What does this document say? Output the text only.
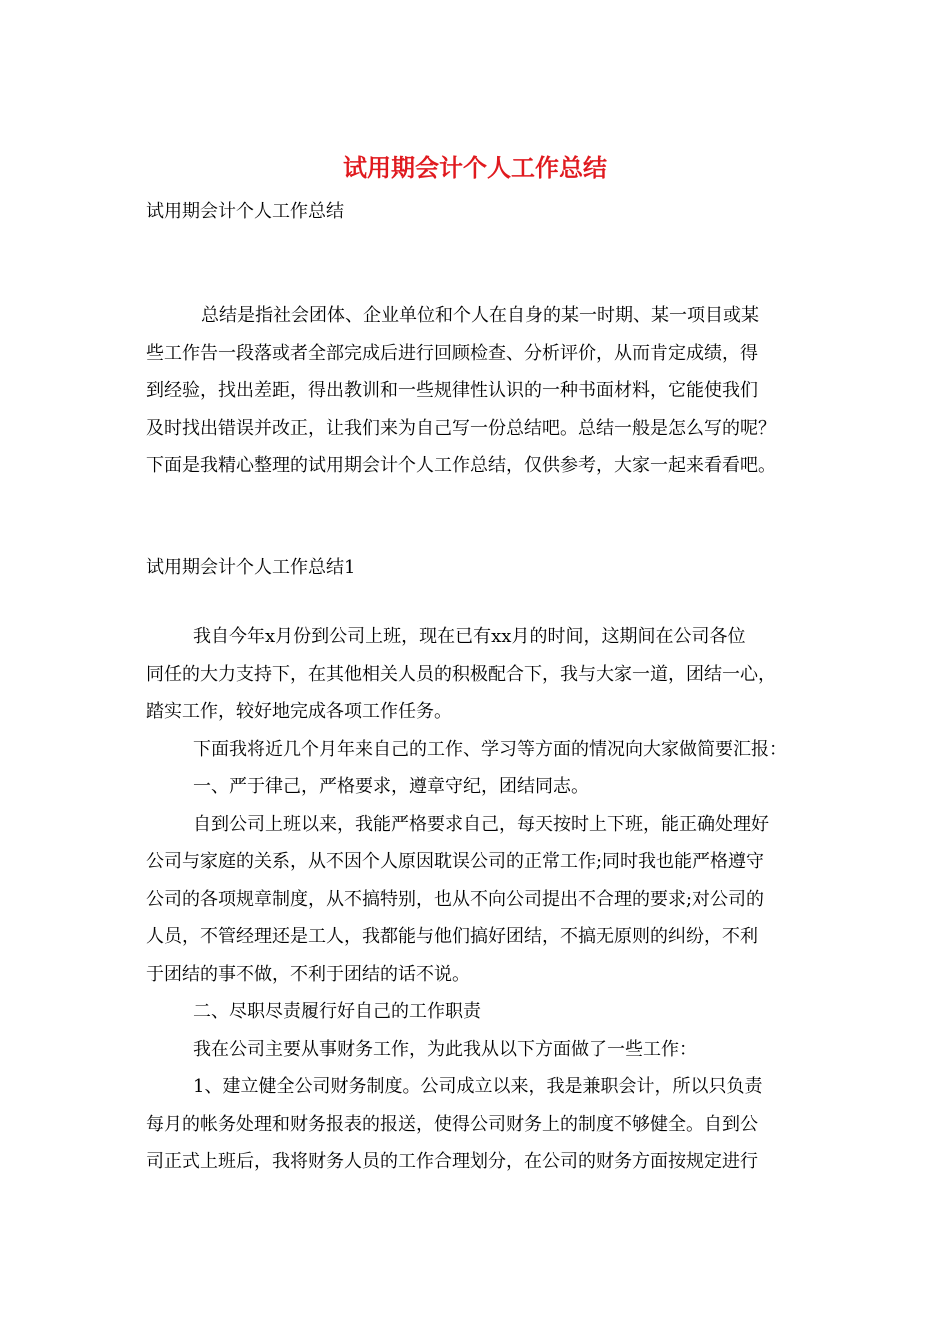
试用期会计个人工作总结
试用期会计个人工作总结
总结是指社会团体、企业单位和个人在自身的某一时期、某一项目或某
些工作告一段落或者全部完成后进行回顾检查、分析评价，从而肯定成绩，得
到经验，找出差距，得出教训和一些规律性认识的一种书面材料，它能使我们
及时找出错误并改正，让我们来为自己写一份总结吧。总结一般是怎么写的呢？
下面是我精心整理的试用期会计个人工作总结，仅供参考，大家一起来看看吧。
试用期会计个人工作总结1
我自今年x月份到公司上班，现在已有xx月的时间，这期间在公司各位
同任的大力支持下，在其他相关人员的积极配合下，我与大家一道，团结一心，
踏实工作，较好地完成各项工作任务。
下面我将近几个月年来自己的工作、学习等方面的情况向大家做简要汇报：
一、严于律己，严格要求，遵章守纪，团结同志。
自到公司上班以来，我能严格要求自己，每天按时上下班，能正确处理好
公司与家庭的关系，从不因个人原因耽误公司的正常工作;同时我也能严格遵守
公司的各项规章制度，从不搞特别，也从不向公司提出不合理的要求;对公司的
人员，不管经理还是工人，我都能与他们搞好团结，不搞无原则的纠纷，不利
于团结的事不做，不利于团结的话不说。
二、尽职尽责履行好自己的工作职责
我在公司主要从事财务工作，为此我从以下方面做了一些工作：
1、建立健全公司财务制度。公司成立以来，我是兼职会计，所以只负责
每月的帐务处理和财务报表的报送，使得公司财务上的制度不够健全。自到公
司正式上班后，我将财务人员的工作合理划分，在公司的财务方面按规定进行
